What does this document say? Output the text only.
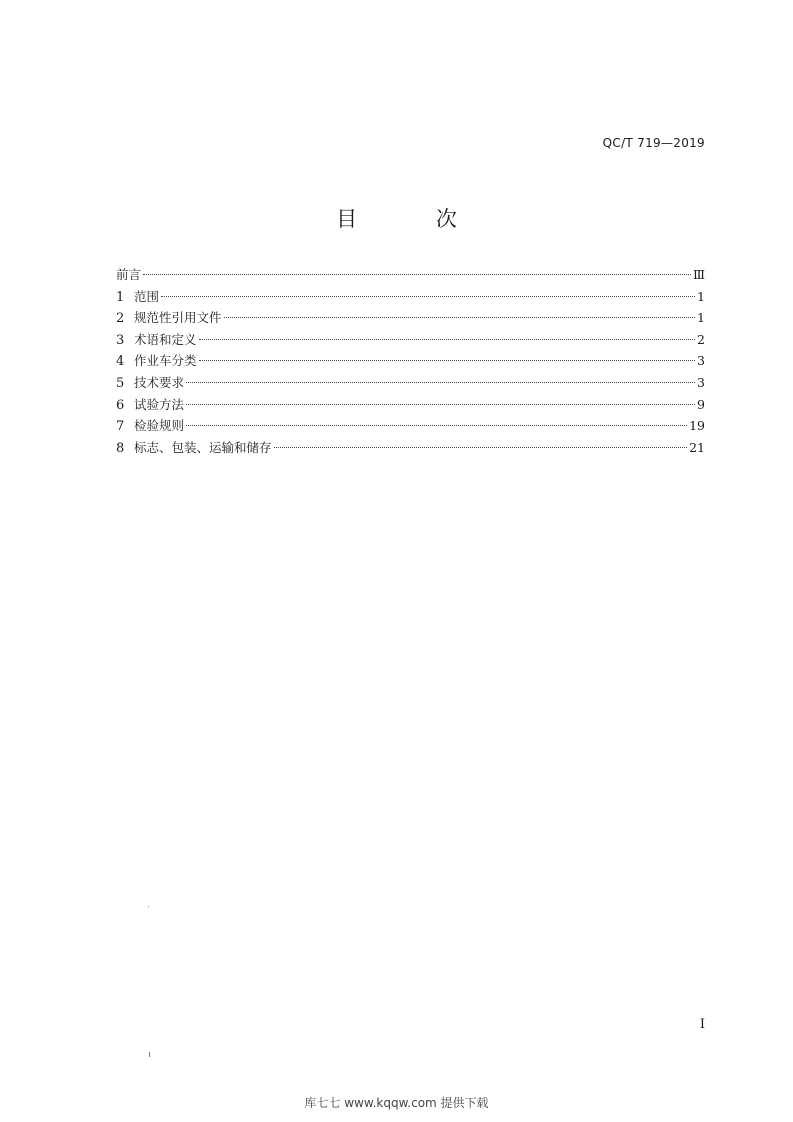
QC/T 719—2019
目 次
前言	Ⅲ
1 范围	1
2 规范性引用文件	1
3 术语和定义	2
4 作业车分类	3
5 技术要求	3
6 试验方法	9
7 检验规则	19
8 标志、包装、运输和储存	21
I
库七七 www.kqqw.com 提供下载
